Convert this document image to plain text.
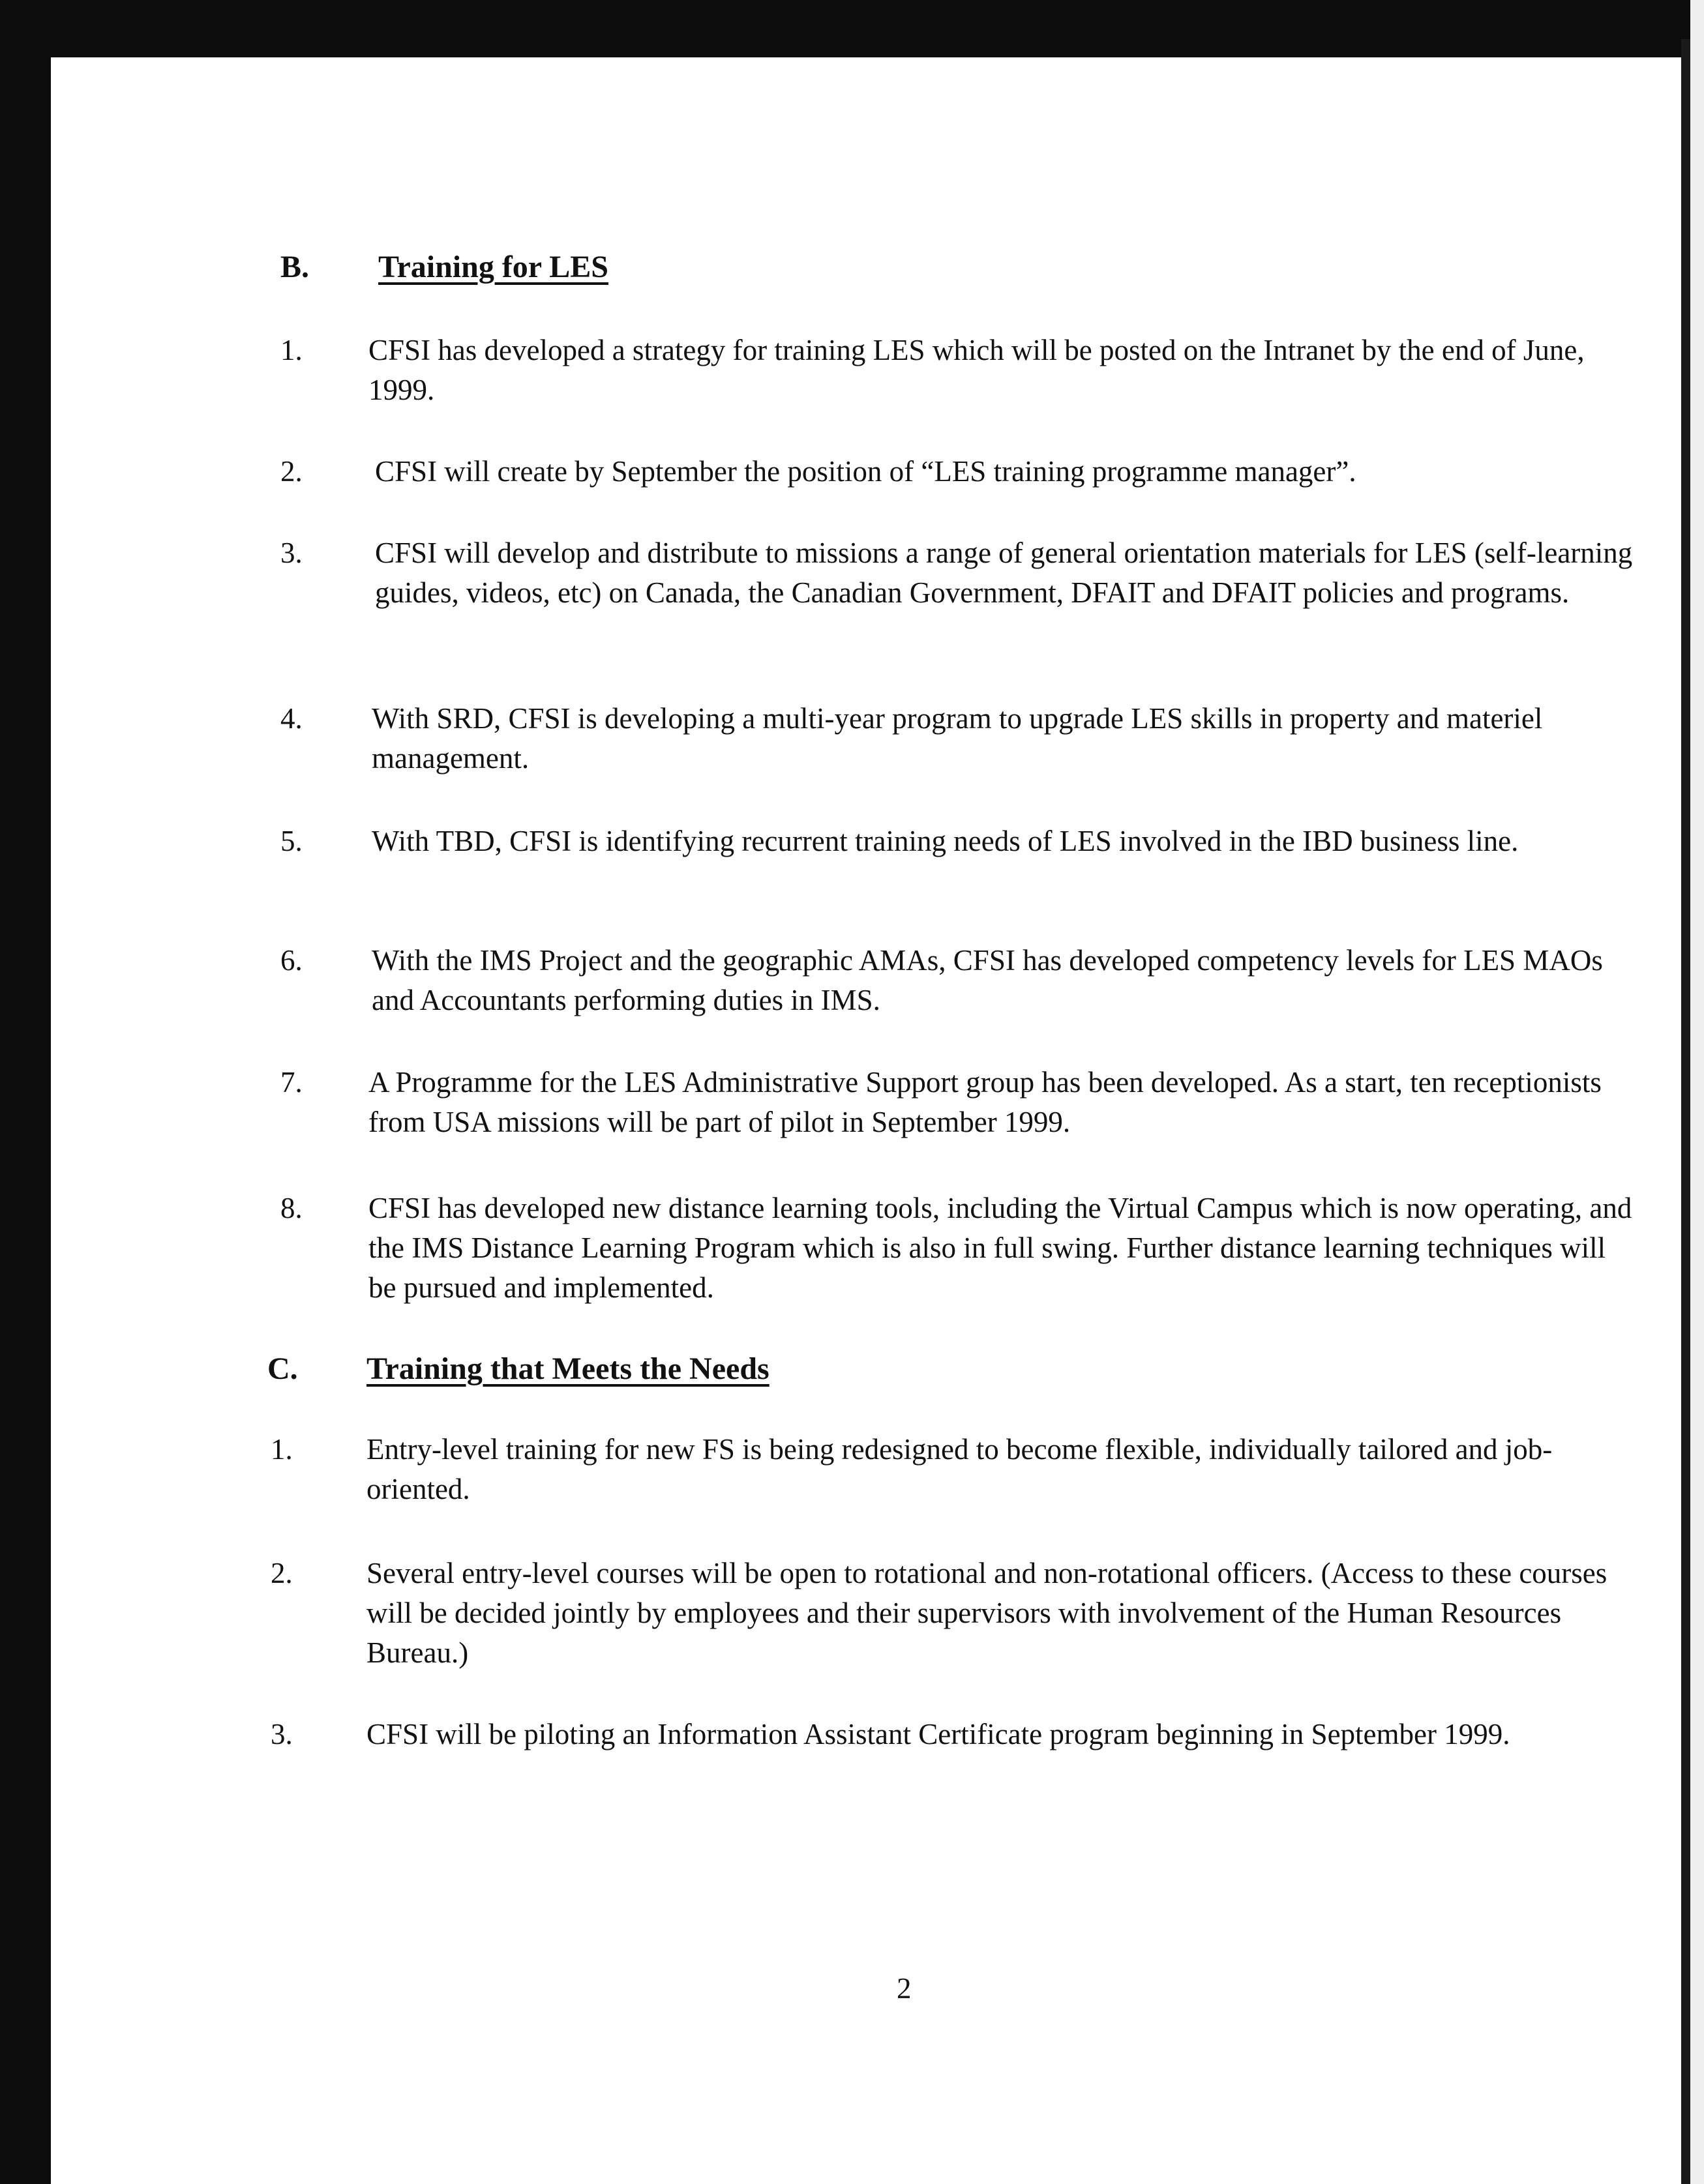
B. Training for LES
1. CFSI has developed a strategy for training LES which will be posted on the Intranet by the end of June, 1999.
2. CFSI will create by September the position of “LES training programme manager”.
3. CFSI will develop and distribute to missions a range of general orientation materials for LES (self-learning guides, videos, etc) on Canada, the Canadian Government, DFAIT and DFAIT policies and programs.
4. With SRD, CFSI is developing a multi-year program to upgrade LES skills in property and materiel management.
5. With TBD, CFSI is identifying recurrent training needs of LES involved in the IBD business line.
6. With the IMS Project and the geographic AMAs, CFSI has developed competency levels for LES MAOs and Accountants performing duties in IMS.
7. A Programme for the LES Administrative Support group has been developed. As a start, ten receptionists from USA missions will be part of pilot in September 1999.
8. CFSI has developed new distance learning tools, including the Virtual Campus which is now operating, and the IMS Distance Learning Program which is also in full swing. Further distance learning techniques will be pursued and implemented.
C. Training that Meets the Needs
1.	Entry-level training for new FS is being redesigned to become flexible, individually tailored and job-oriented.
2.	Several entry-level courses will be open to rotational and non-rotational officers. (Access to these courses will be decided jointly by employees and their supervisors with involvement of the Human Resources Bureau.)
3.	CFSI will be piloting an Information Assistant Certificate program beginning in September 1999.
2
